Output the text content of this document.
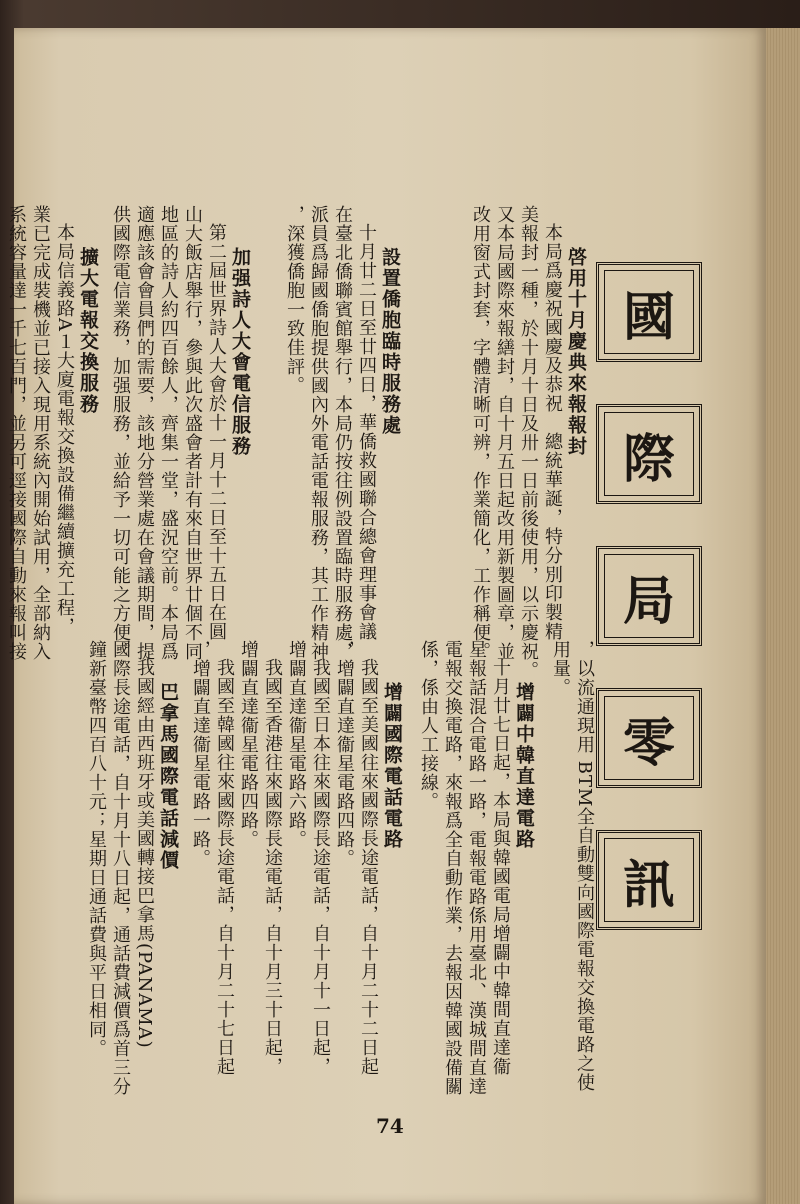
國
際
局
零
訊
啓用十月慶典來報報封
本局爲慶祝國慶及恭祝　總統華誕，特分別印製精
美報封一種，於十月十日及卅一日前後使用，以示慶祝。
又本局國際來報繕封，自十月五日起改用新製圖章，並
改用窗式封套，字體清晰可辨，作業簡化，工作稱便。
設置僑胞臨時服務處
十月廿二日至廿四日，華僑救國聯合總會理事會議
在臺北僑聯賓館舉行，本局仍按往例設置臨時服務處，
派員爲歸國僑胞提供國內外電話電報服務，其工作精神
，深獲僑胞一致佳評。
加强詩人大會電信服務
第二屆世界詩人大會於十一月十二日至十五日在圓
山大飯店舉行，參與此次盛會者計有來自世界廿個不同
地區的詩人約四百餘人，齊集一堂，盛況空前。本局爲
適應該會會員們的需要，該地分營業處在會議期間，提
供國際電信業務，加强服務，並給予一切可能之方便。
擴大電報交換服務
本局信義路A１大廈電報交換設備繼續擴充工程，
業已完成裝機並已接入現用系統內開始試用，全部納入
系統容量達一千七百門，並另可逕接國際自動來報叫接
，以流通現用 BTM全自動雙向國際電報交換電路之使
用量。
增闢中韓直達電路
十月廿七日起，本局與韓國電局增闢中韓間直達衞
星報話混合電路一路，電報電路係用臺北、漢城間直達
電報交換電路，來報爲全自動作業，去報因韓國設備關
係，係由人工接線。
增闢國際電話電路
我國至美國往來國際長途電話，自十月二十二日起
，增闢直達衞星電路四路。
我國至日本往來國際長途電話，自十月十一日起，
增闢直達衞星電路六路。
我國至香港往來國際長途電話，自十月三十日起，
增闢直達衞星電路四路。
我國至韓國往來國際長途電話，自十月二十七日起
，增闢直達衞星電路一路。
巴拿馬國際電話減價
我國經由西班牙或美國轉接巴拿馬(PANAMA)
國際長途電話，自十月十八日起，通話費減價爲首三分
鐘新臺幣四百八十元；星期日通話費與平日相同。
74
